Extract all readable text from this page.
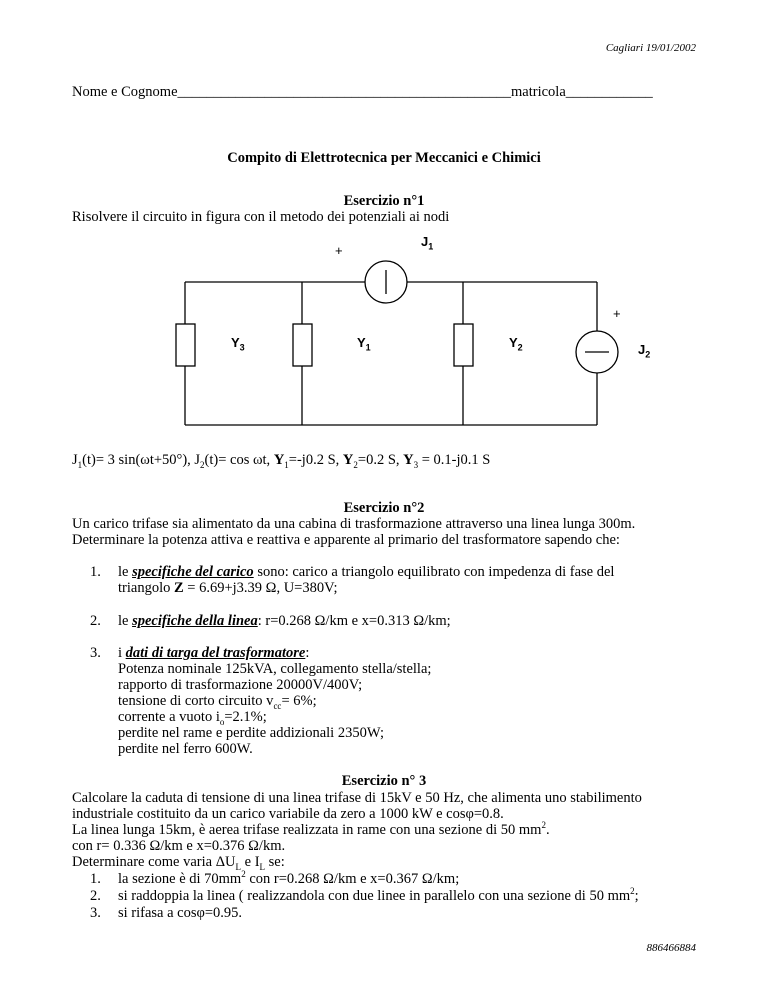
Cagliari 19/01/2002
Nome e Cognome______________________________________________matricola____________
Compito di Elettrotecnica per Meccanici e Chimici
Esercizio n°1
Risolvere il circuito in figura con il metodo dei potenziali ai nodi
+
$J_1$
+
$J_2$
$Y_3$	$Y_1$	$Y_2$
$J_1(t)= 3$ sin(ωt+50°), $J_2(t)= \cos \omega t$, $Y_1=-j0.2$ S, $Y_2=0.2$ S, $Y_3 = 0.1-j0.1$ S
Esercizio n°2
Un carico trifase sia alimentato da una cabina di trasformazione attraverso una linea lunga 300m.
Determinare la potenza attiva e reattiva e apparente al primario del trasformatore sapendo che:
1. le specifiche del carico sono: carico a triangolo equilibrato con impedenza di fase del
triangolo Z = 6.69+j3.39 Ω, U=380V;
2. le specifiche della linea: r=0.268 Ω/km e x=0.313 Ω/km;
3. i dati di targa del trasformatore:
Potenza nominale 125kVA, collegamento stella/stella;
rapporto di trasformazione 20000V/400V;
tensione di corto circuito $v_{cc}= 6\%$;
corrente a vuoto $i_o=2.1\%$;
perdite nel rame e perdite addizionali 2350W;
perdite nel ferro 600W.
Esercizio n° 3
Calcolare la caduta di tensione di una linea trifase di 15kV e 50 Hz, che alimenta uno stabilimento
industriale costituito da un carico variabile da zero a 1000 kW e cosφ=0.8.
La linea lunga 15km, è aerea trifase realizzata in rame con una sezione di 50 $mm^2$.
con r= 0.336 Ω/km e x=0.376 Ω/km.
Determinare come varia $\Delta U_L$ e $I_L$ se:
1. la sezione è di $70mm^2$ con r=0.268 Ω/km e x=0.367 Ω/km;
2. si raddoppia la linea ( realizzandola con due linee in parallelo con una sezione di 50 $mm^2$;
3. si rifasa a cosφ=0.95.
886466884
